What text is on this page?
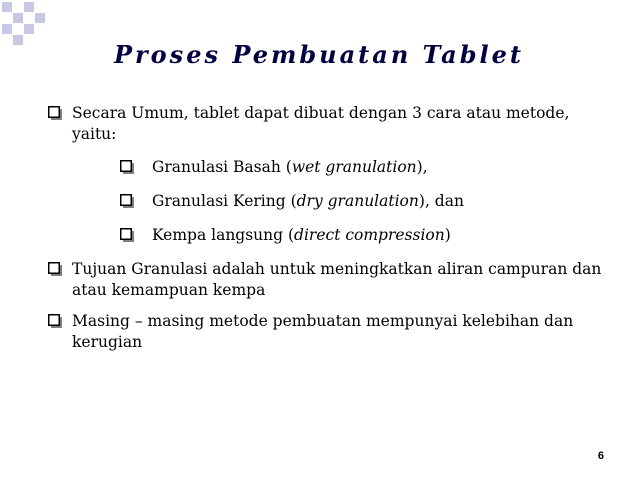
Proses Pembuatan Tablet
Secara Umum, tablet dapat dibuat dengan 3 cara atau metode, yaitu:
Granulasi Basah (wet granulation),
Granulasi Kering (dry granulation), dan
Kempa langsung (direct compression)
Tujuan Granulasi adalah untuk meningkatkan aliran campuran dan atau kemampuan kempa
Masing – masing metode pembuatan mempunyai kelebihan dan kerugian
6
